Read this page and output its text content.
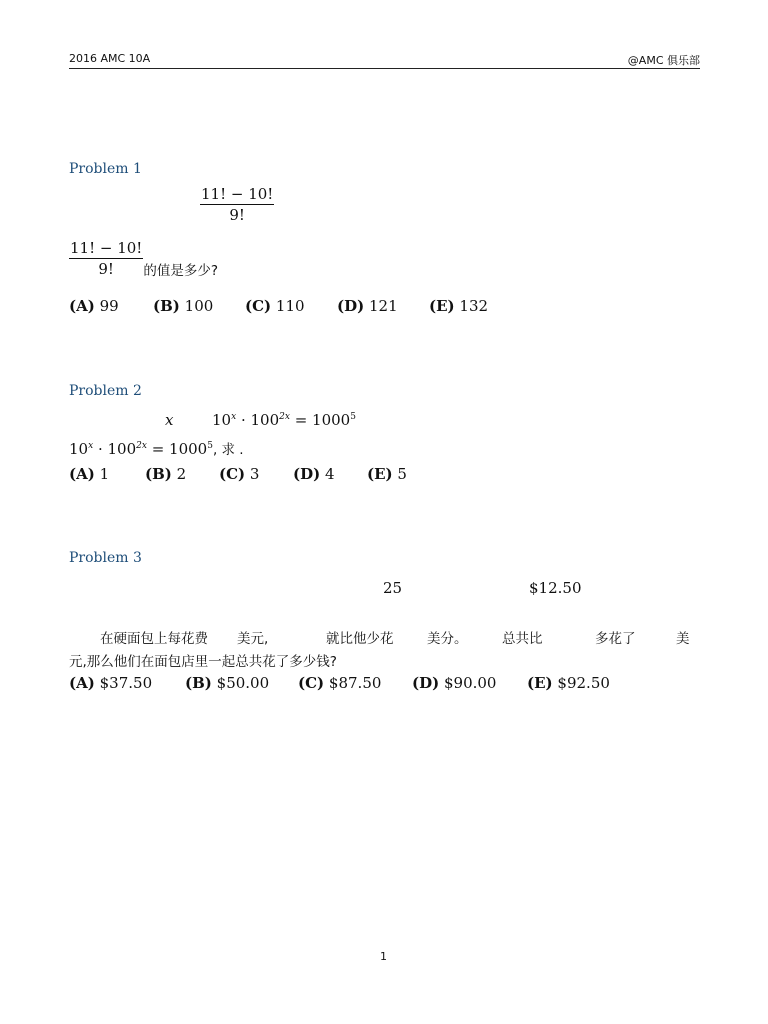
2016 AMC 10A	@AMC 俱乐部
Problem 1
$\frac{11! - 10!}{9!}$
$\frac{11! - 10!}{9!} _{的值是多少?}$
(A) 99 (B) 100 (C) 110 (D) 121 (E) 132
Problem 2
x	$10^x \cdot 100^{2x} = 1000^5$
$10^x \cdot 100^{2x} = 1000^5$, 求 .
(A) 1 (B) 2 (C) 3 (D) 4 (E) 5
Problem 3
25	$12.50
在硬面包上每花费 美元,	就比他少花 美分。	总共比	多花了	美
元,那么他们在面包店里一起总共花了多少钱?
(A) $37.50 (B) $50.00 (C) $87.50 (D) $90.00 (E) $92.50
1
